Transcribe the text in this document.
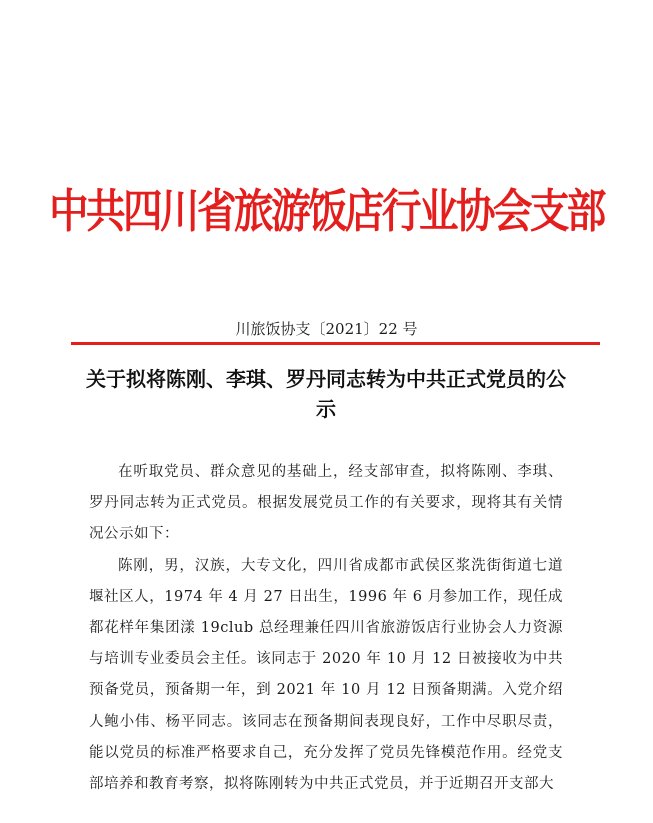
中共四川省旅游饭店行业协会支部
川旅饭协支〔2021〕22 号
关于拟将陈刚、李琪、罗丹同志转为中共正式党员的公示

在听取党员、群众意见的基础上，经支部审查，拟将陈刚、李琪、罗丹同志转为正式党员。根据发展党员工作的有关要求，现将其有关情况公示如下：

陈刚，男，汉族，大专文化，四川省成都市武侯区浆洗街街道七道堰社区人，1974 年 4 月 27 日出生，1996 年 6 月参加工作，现任成都花样年集团漾 19club 总经理兼任四川省旅游饭店行业协会人力资源与培训专业委员会主任。该同志于 2020 年 10 月 12 日被接收为中共预备党员，预备期一年，到 2021 年 10 月 12 日预备期满。入党介绍人鲍小伟、杨平同志。该同志在预备期间表现良好，工作中尽职尽责，能以党员的标准严格要求自己，充分发挥了党员先锋模范作用。经党支部培养和教育考察，拟将陈刚转为中共正式党员，并于近期召开支部大
